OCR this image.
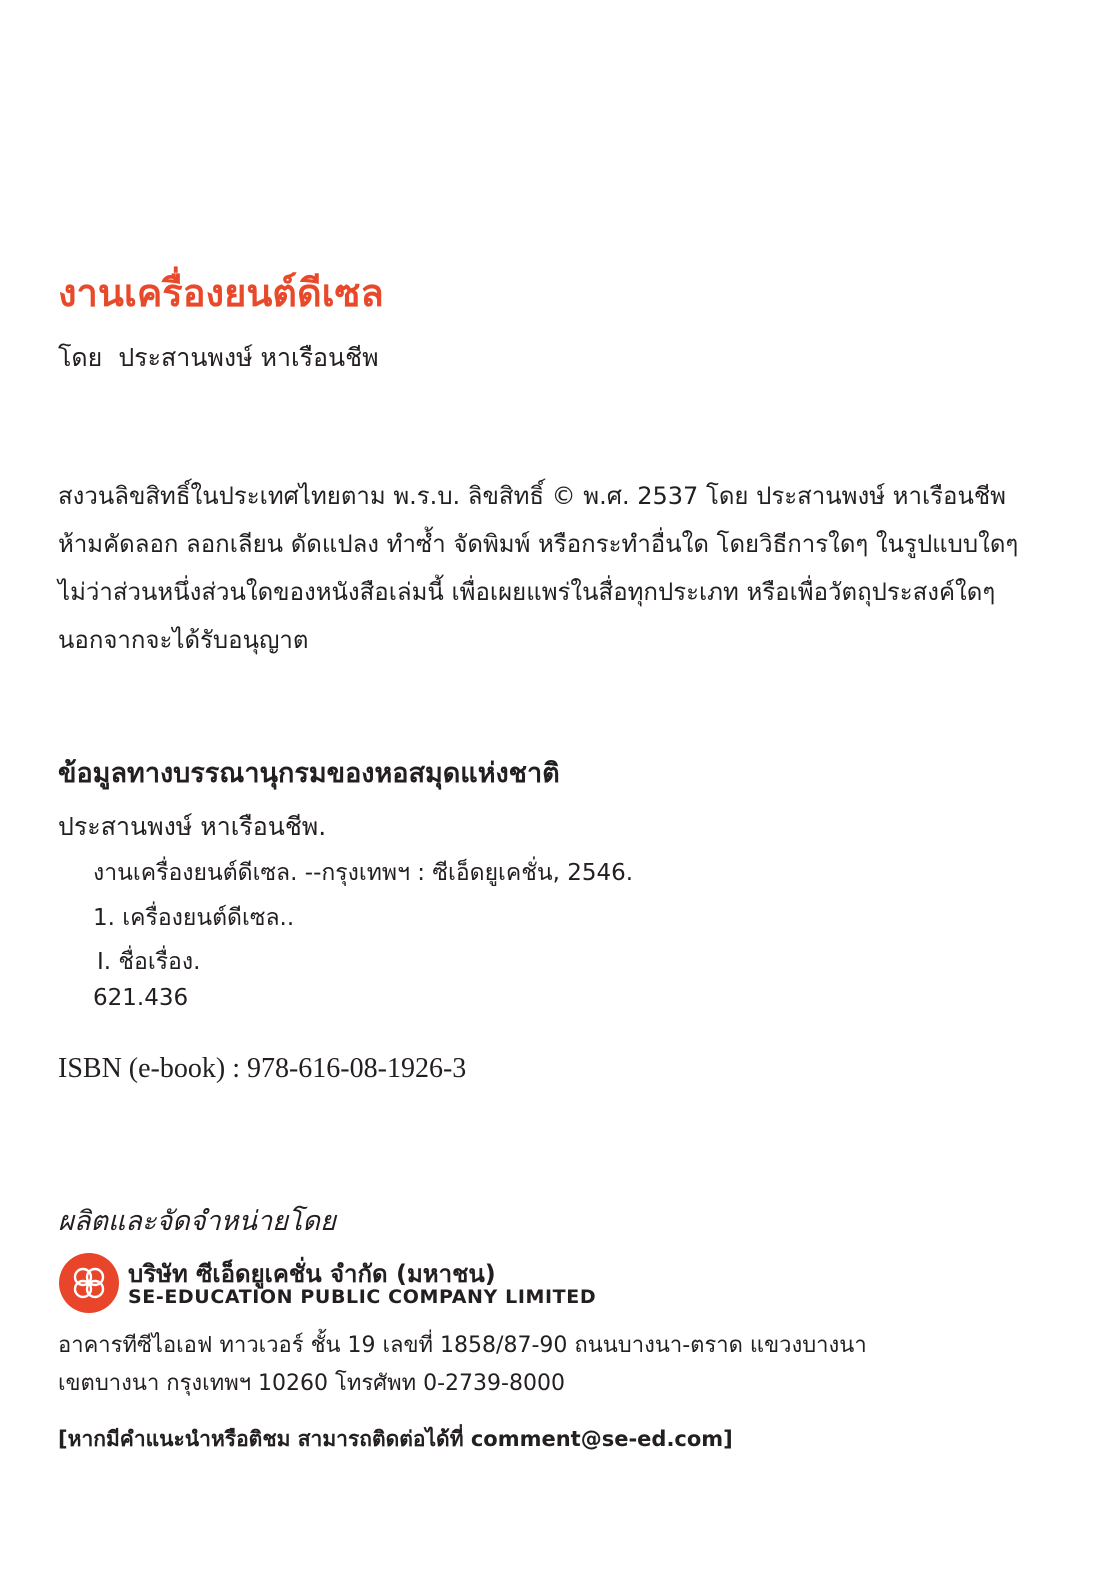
งานเครื่องยนต์ดีเซล
โดย ประสานพงษ์ หาเรือนชีพ
สงวนลิขสิทธิ์ในประเทศไทยตาม พ.ร.บ. ลิขสิทธิ์ © พ.ศ. 2537 โดย ประสานพงษ์ หาเรือนชีพ
ห้ามคัดลอก ลอกเลียน ดัดแปลง ทำซ้ำ จัดพิมพ์ หรือกระทำอื่นใด โดยวิธีการใดๆ ในรูปแบบใดๆ
ไม่ว่าส่วนหนึ่งส่วนใดของหนังสือเล่มนี้ เพื่อเผยแพร่ในสื่อทุกประเภท หรือเพื่อวัตถุประสงค์ใดๆ
นอกจากจะได้รับอนุญาต
ข้อมูลทางบรรณานุกรมของหอสมุดแห่งชาติ
ประสานพงษ์ หาเรือนชีพ.
งานเครื่องยนต์ดีเซล. --กรุงเทพฯ : ซีเอ็ดยูเคชั่น, 2546.
1. เครื่องยนต์ดีเซล..
I. ชื่อเรื่อง.
621.436
ISBN (e-book) : 978-616-08-1926-3
ผลิตและจัดจำหน่ายโดย
บริษัท ซีเอ็ดยูเคชั่น จำกัด (มหาชน)
SE-EDUCATION PUBLIC COMPANY LIMITED
อาคารทีซีไอเอฟ ทาวเวอร์ ชั้น 19 เลขที่ 1858/87-90 ถนนบางนา-ตราด แขวงบางนา
เขตบางนา กรุงเทพฯ 10260 โทรศัพท 0-2739-8000
[หากมีคำแนะนำหรือติชม สามารถติดต่อได้ที่ comment@se-ed.com]
